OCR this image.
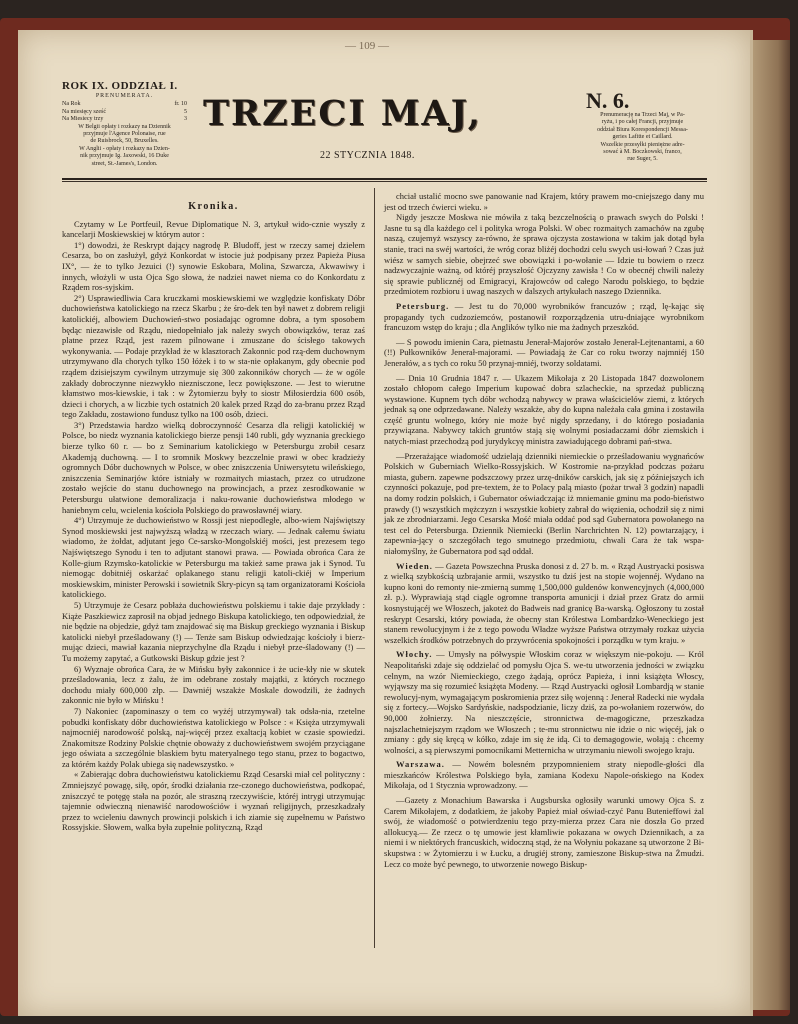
— 109 —
ROK IX. ODDZIAŁ I.
PRENUMERATA.
Na Rok	fr. 10
Na miesięcy sześć	5
Na Miesiecy trzy	3
W Belgii opłaty i rozkazy na Dziennik
przyjmuje l'Agence Polonaise, rue
de Ruisbrock, 50, Bruxelles.
W Anglii - opłaty i rozkazy na Dzien-
nik przyjmuje Ig. Jaxowski, 16 Duke
street, St.-James's, London.
TRZECI MAJ,
22 STYCZNIA 1848.
N. 6.
Prenumerację na Trzeci Maj, w Pa-
ryżu, i po całej Francji, przyjmuje
oddział Biura Korespondencji Messa-
geries Lafitte et Caillard.
Wszelkie przesyłki pieniężne adre-
sować à M. Boczkowski, franco,
rue Suger, 5.
Kronika.

Czytamy w Le Portfeuil, Revue Diplomatique N. 3, artykuł wido-cznie wyszły z kancelarji Moskiewskiej w którym autor :

1°) dowodzi, że Reskrypt dający nagrodę P. Bludoff, jest w rzeczy samej dziełem Cesarza, bo on zasłużył, gdyż Konkordat w istocie już podpisany przez Papieża Piusa IX°, — że to tylko Jezuici (!) synowie Eskobara, Molina, Szwarcza, Akwawiwy i innych, włożyli w usta Ojca Sgo słowa, że nadziei nawet niema co do Konkordatu z Rządem ros-syjskim.

2°) Usprawiedliwia Cara kruczkami moskiewskiemi we względzie konfiskaty Dóbr duchowieństwa katolickiego na rzecz Skarbu ; że śro-dek ten był nawet z dobrem religji katolickiéj, albowiem Duchowień-stwo posiadając ogromne dobra, a tym sposobem będąc niezawisłe od Rządu, niedopełniało jak należy swych obowiązków, teraz zaś platne przez Rząd, jest razem pilnowane i zmuszane do ścisłego takowych wykonywania. — Podaje przykład że w klasztorach Zakonnic pod rzą-dem duchownym utrzymywano dla chorych tylko 150 łóżek i to w sta-nie opłakanym, gdy obecnie pod rządem dzisiejszym cywilnym utrzymuje się 300 zakonników chorych — że w ogóle zakłady dobroczynne niezwykło nieznisczone, lecz powiększone. — Jest to wierutne kłamstwo mos-kiewskie, i tak : w Żytomierzu były to siostr Miłosierdzia 600 osób, dzieci i chorych, a w liczbie tych ostatnich 20 kalek przed Rząd do za-branu przez Rząd tego Zakładu, zostawiono fundusz tylko na 100 osób, dzieci.

3°) Przedstawia hardzo wielką dobroczynność Cesarza dla religji katolickiéj w Polsce, bo niedz wyznania katolickiego bierze pensji 140 rubli, gdy wyznania greckiego bierze tylko 60 r. — bo z Seminarium katolickiego w Petersburgu zrobił cesarz Akademją duchowną. — I to sromnik Moskwy bezczelnie prawi w obec kradzieży ogromnych Dóbr duchownych w Polsce, w obec zniszczenia Uniwersytetu wileńskiego, zniszczenia Seminarjów które istniały w rozmaitych miastach, przez co utrudzone zostało wejście do stanu duchownego na prowincjach, a przez zesrodkowanie w Petersburgu ułatwione demoralizacja i naku-rowanie duchowieństwa młodego w haniebnym celu, wcielenia kościoła Polskiego do prawosławnéj wiary.

4°) Utrzymuje że duchowieństwo w Rossji jest niepodległe, albo-wiem Najświętszy Synod moskiewski jest najwyższą władzą w rzeczach wiary. — Jednak całemu światu wiadomo, że żołdat, adjutant jego Ce-sarsko-Mongolskiéj mości, jest prezesem tego Najświętszego Synodu i ten to adjutant stanowi prawa. — Powiada obrońca Cara że Kolle-gium Rzymsko-katolickie w Petersburgu ma takież same prawa jak i Synod. Tu niemogąc dobitniéj oskarżać oplakanego stanu religji katoli-ckiéj w Imperium moskiewskim, minister Perowski i sowietnik Skry-picyn są tam organizatorami Kościoła katolickiego.

5) Utrzymuje że Cesarz pobłaża duchowieństwu polskiemu i takie daje przykłady : Kiąże Paszkiewicz zaprosił na objad jednego Biskupa katolickiego, ten odpowiedział, że nie będzie na objedzie, gdyż tam znajdować się ma Biskup greckiego wyznania i Biskup katolicki niebył prześladowany (!) — Tenże sam Biskup odwiedzając kościoły i bierz-mując dzieci, mawiał kazania nieprzychylne dla Rządu i niebył prze-śladowany (!) — Tu możemy zapytać, a Gutkowski Biskup gdzie jest ?

6) Wyznaje obrońca Cara, że w Mińsku były zakonnice i że ucie-kły nie w skutek prześladowania, lecz z żalu, że im odebrane zostały majątki, z których rocznego dochodu miały 600,000 złp. — Dawniéj wszakże Moskale dowodzili, że żadnych zakonnic nie było w Mińsku !

7) Nakoniec (zapominaszy o tem co wyżéj utrzymywał) tak odsła-nia, rzetelne pobudki konfiskaty dóbr duchowieństwa katolickiego w Polsce : « Księża utrzymywali najmocniéj narodowość polską, naj-więcéj przez exaltacją kobiet w czasie spowiedzi. Znakomitsze Rodziny Polskie chętnie oboważy z duchowieństwem swojém przyciągane jego oświata a szczególnie blaskiem bytu materyalnego tego stanu, przez to bogactwo, za którém każdy Polak ubiega się nadewszystko. »

« Zabierając dobra duchowieństwu katolickiemu Rząd Cesarski miał cel polityczny : Zmniejszyć powagę, siłę, opór, środki działania rze-czonego duchowieństwa, podkopać, zniszczyć te potęgę stała na pozór, ale straszną rzeczywiście, któréj intrygi utrzymując tajemnie odwieczną nienawiść narodowościów i wyznań religijnych, przeszkadzały przez to wcieleniu dawnych prowincji polskich i ich ziamie się zupełnemu w Państwo Rossyjskie. Słowem, walka była zupełnie polityczną, Rząd

chciał ustalić mocno swe panowanie nad Krajem, który prawem mo-cniejszego dany mu jest od trzech ćwierci wieku. »

Nigdy jeszcze Moskwa nie mówiła z taką bezczelnością o prawach swych do Polski ! Jasne tu są dla każdego cel i polityka wroga Polski. W obec rozmaitych zamachów na zgubę naszą, czujemyż wszyscy za-równo, że sprawa ojczysta zostawiona w takim jak dotąd była stanie, traci na swéj wartości, że wróg coraz bliżéj dochodzi celu swych usi-łowań ? Czas już wiész w samych siebie, obejrzeć swe obowiązki i po-wołanie — Idzie tu bowiem o rzecz nadzwyczajnie ważną, od któréj przyszłość Ojczyzny zawisła ! Co w obecnéj chwili należy się sprawie publicznéj od Emigracyi, Krajowców od całego Narodu polskiego, to będzie przedmiotem rozbioru i uwag naszych w dalszych artykułach naszego Dziennika.

Petersburg. — Jest tu do 70,000 wyrobników francuzów ; rząd, lę-kając się propagandy tych cudzoziemców, postanowił rozporządzenia utru-dniające wyrobnikom francuzom wstęp do kraju ; dla Anglików tylko nie ma żadnych przeszkód.

— S powodu imienin Cara, pietnastu Jenerał-Majorów zostało Jenerał-Lejtenantami, a 60 (!!) Pułkowników Jenerał-majorami. — Powiadają że Car co roku tworzy najmniéj 150 Jenerałów, a s tych co roku 50 przynaj-mniéj, tworzy soldatami.

— Dnia 10 Grudnia 1847 r. — Ukazem Mikołaja z 20 Listopada 1847 dozwolonem zostało chłopom całego Imperium kupować dobra szlacheckie, na sprzedaż publiczną wystawione. Kupnem tych dóbr wchodzą nabywcy w prawa właścicielów ziemi, z których jednak są one odprzedawane. Należy wszakże, aby do kupna należała cała gmina i zostawiła część gruntu wolnego, który nie może być nigdy sprzedany, i do którego posiadania przywiązana. Nabywcy takich gruntów stają się wolnymi posiadaczami dóbr ziemskich i natych-miast przechodzą pod jurydykcyę ministra zawiadującego dobrami pań-stwa.

—Przerażające wiadomość udzielają dzienniki niemieckie o prześladowaniu wygnańców Polskich w Guberniach Wielko-Rossyjskich. W Kostromie na-przykład podczas pożaru miasta, gubern. zapewne podszczowy przez urzę-dników carskich, jak się z późniejszych ich czynności pokazuje, pod pre-textem, że to Polacy palą miasto (pożar trwał 3 godzin) napadli na domy rodzin polskich, i Gubernator oświadczając iż mniemanie gminu ma podo-bieństwo prawdy (!) wszystkich mężczyzn i wszystkie kobiety zabrał do więzienia, ochodził się z nimi jak ze zbrodniarzami. Jego Cesarska Mość miała oddać pod sąd Gubernatora powołanego na test cel do Petersburga. Dziennik Niemiecki (Berlin Narchrichten N. 12) powtarzający, i zapewnia-jący o szczegółach tego smutnego przedmiotu, chwali Cara że tak wspa-niałomyślny, że Gubernatora pod sąd oddał.

Wieden. — Gazeta Powszechna Pruska donosi z d. 27 b. m. « Rząd Austryacki posiswa z wielką szybkością uzbrajanie armii, wszystko tu dziś jest na stopie wojennéj. Wydano na kupno koni do remonty nie-zmierną summę 1,500,000 guldenów konwencyjnych (4,000,000 zł. p.). Wyprawiają stąd ciągle ogromne transporta amunicji i dział przez Gratz do armii kosnystującéj we Włoszech, jakoteż do Badweis nad granicę Ba-warską. Ogłoszony tu został reskrypt Cesarski, który powiada, że obecny stan Królestwa Lombardzko-Weneckiego jest stanem rewolucyjnym i że z tego powodu Władze wyższe Państwa otrzymały rozkaz użycia wszelkich środków potrzebnych do przywrócenia spokojności i porządku w tym kraju. »

Włochy. — Umysły na półwyspie Włoskim coraz w większym nie-pokoju. — Król Neapolitański zdaje się oddzielać od pomysłu Ojca S. we-tu utworzenia jedności w związku celnym, na wzór Niemieckiego, czego żądają, oprócz Papieża, i inni książęta Włoscy, wyjąwszy ma się rozumieć książęta Modeny. — Rząd Austryacki ogłosił Lombardją w stanie rewolucyj-nym, wymagającym poskromienia przez siłę wojenną : Jenerał Radecki nie wydała się z fortecy.—Wojsko Sardyńskie, nadspodzianie, liczy dziś, za po-wołaniem rozerwów, do 90,000 żołnierzy. Na nieszczęście, stronnictwa de-magogiczne, przeszkadza najszlachetniejszym rządom we Włoszech ; te-mu stronnictwu nie idzie o nic więcéj, jak o zmiany : gdy się kręcą w kółko, zdaje im się że idą. Ci to demagogowie, wołają : chcemy wolności, a są pierwszymi pomocnikami Metternicha w utrzymaniu niewoli swojego kraju.

Warszawa. — Nowém bolesném przypomnieniem straty niepodle-głości dla mieszkańców Królestwa Polskiego była, zamiana Kodexu Napole-ońskiego na Kodex Mikołaja, od 1 Stycznia wprowadzony. —

—Gazety z Monachium Bawarska i Augsburska ogłosiły warunki umowy Ojca S. z Carem Mikołajem, z dodatkiem, że jakoby Papież miał oświad-czyć Panu Butenieffowi żal swój, że wiadomość o potwierdzeniu tego przy-mierza przez Cara nie doszła Go przed allokucyą.— Ze rzecz o tę umowie jest kłamliwie pokazana w owych Dziennikach, a za niemi i w niektórych francuskich, widoczną stąd, że na Wołyniu pokazane są utworzone 2 Bi-skupstwa : w Żytomierzu i w Łucku, a drugiéj strony, zamieszone Biskup-stwa na Żmudzi. Lecz co może być pewnego, to utworzenie nowego Biskup-
